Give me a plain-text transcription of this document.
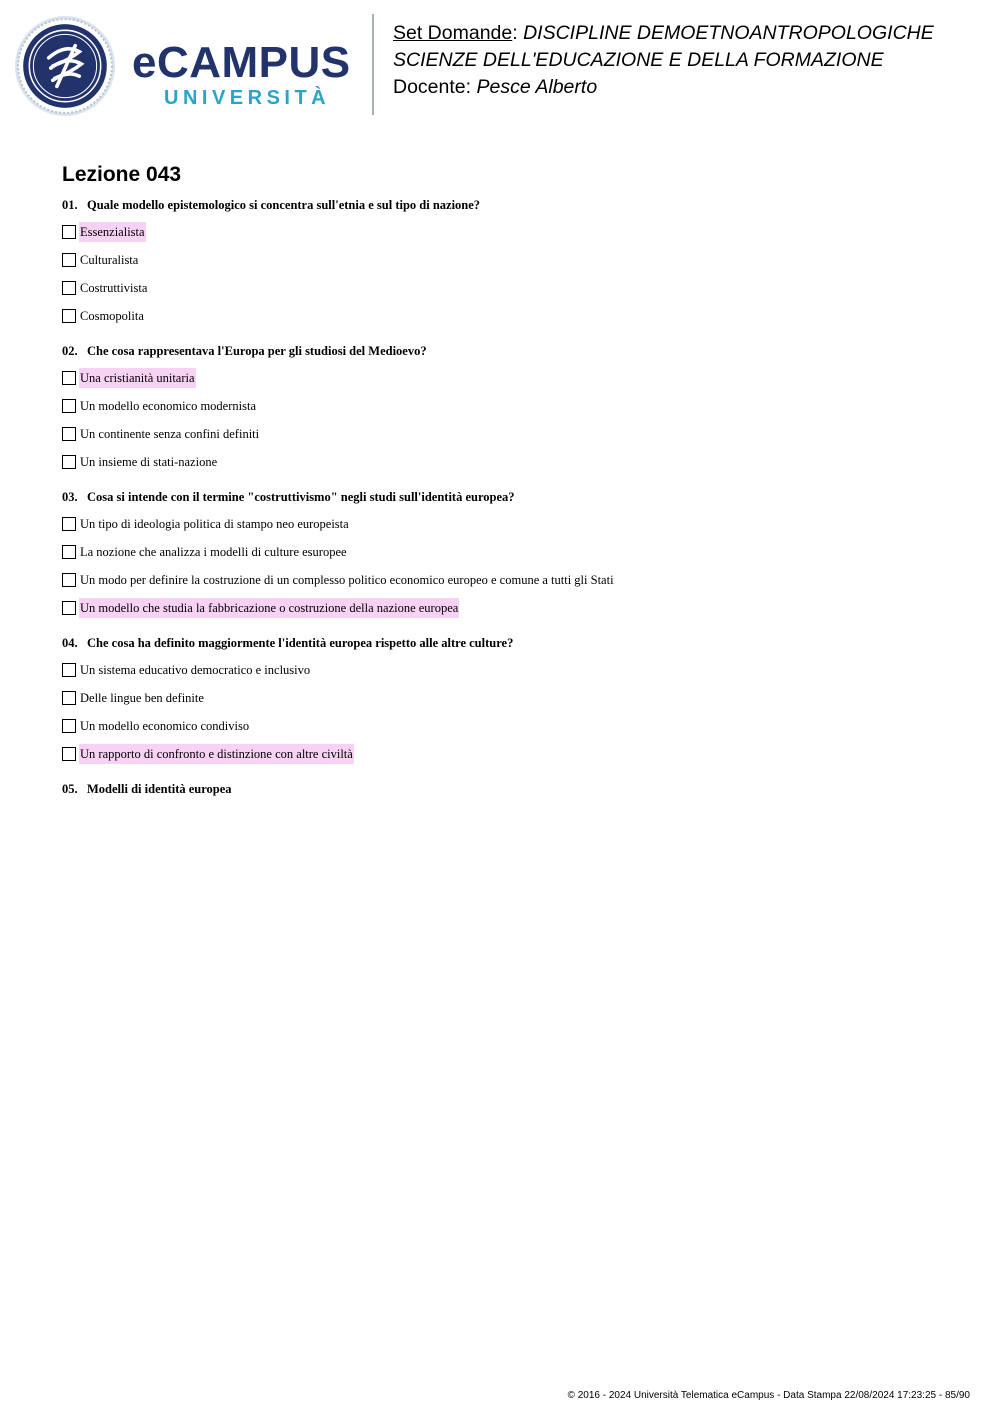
eCAMPUS
UNIVERSITÀ
Set Domande: DISCIPLINE DEMOETNOANTROPOLOGICHE
SCIENZE DELL'EDUCAZIONE E DELLA FORMAZIONE
Docente: Pesce Alberto
Lezione 043
01. Quale modello epistemologico si concentra sull'etnia e sul tipo di nazione?
Essenzialista
Culturalista
Costruttivista
Cosmopolita
02. Che cosa rappresentava l'Europa per gli studiosi del Medioevo?
Una cristianità unitaria
Un modello economico modernista
Un continente senza confini definiti
Un insieme di stati-nazione
03. Cosa si intende con il termine "costruttivismo" negli studi sull'identità europea?
Un tipo di ideologia politica di stampo neo europeista
La nozione che analizza i modelli di culture esuropee
Un modo per definire la costruzione di un complesso politico economico europeo e comune a tutti gli Stati
Un modello che studia la fabbricazione o costruzione della nazione europea
04. Che cosa ha definito maggiormente l'identità europea rispetto alle altre culture?
Un sistema educativo democratico e inclusivo
Delle lingue ben definite
Un modello economico condiviso
Un rapporto di confronto e distinzione con altre civiltà
05. Modelli di identità europea
© 2016 - 2024 Università Telematica eCampus - Data Stampa 22/08/2024 17:23:25 - 85/90
